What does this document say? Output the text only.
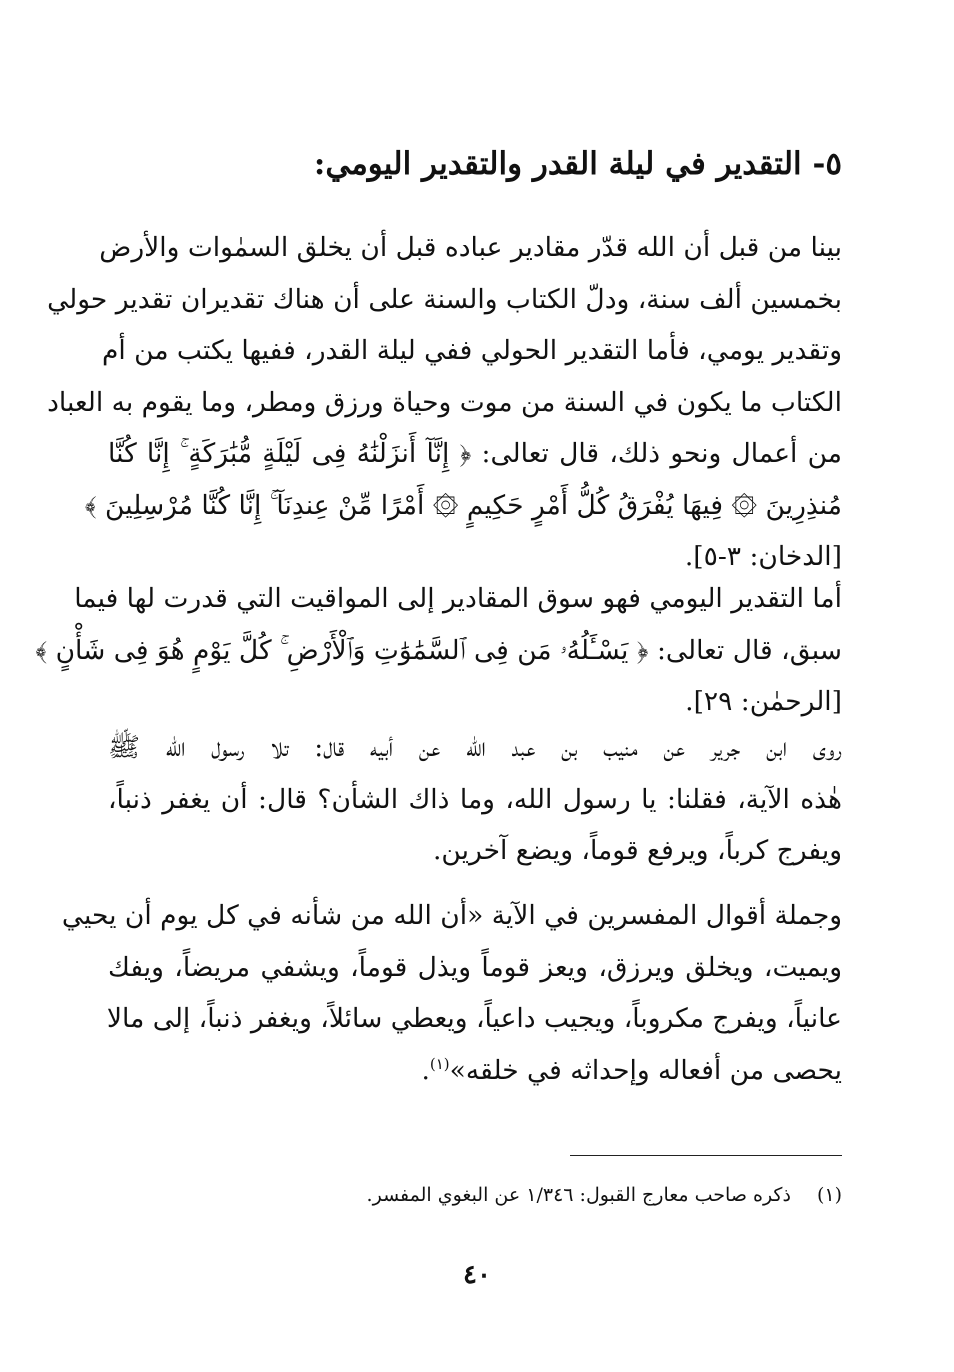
٥- التقدير في ليلة القدر والتقدير اليومي:
بينا من قبل أن الله قدّر مقادير عباده قبل أن يخلق السمٰوات والأرض
بخمسين ألف سنة، ودلّ الكتاب والسنة على أن هناك تقديران تقدير حولي
وتقدير يومي، فأما التقدير الحولي ففي ليلة القدر، ففيها يكتب من أم
الكتاب ما يكون في السنة من موت وحياة ورزق ومطر، وما يقوم به العباد
من أعمال ونحو ذلك، قال تعالى: ﴿ إِنَّآ أَنزَلْنَٰهُ فِى لَيْلَةٍ مُّبَٰرَكَةٍ ۚ إِنَّا كُنَّا
مُنذِرِينَ ۞ فِيهَا يُفْرَقُ كُلُّ أَمْرٍ حَكِيمٍ ۞ أَمْرًا مِّنْ عِندِنَآ ۚ إِنَّا كُنَّا مُرْسِلِينَ ﴾
[الدخان: ٣-٥].
أما التقدير اليومي فهو سوق المقادير إلى المواقيت التي قدرت لها فيما
سبق، قال تعالى: ﴿ يَسْـَٔلُهُۥ مَن فِى ٱلسَّمَٰوَٰتِ وَٱلْأَرْضِ ۚ كُلَّ يَوْمٍ هُوَ فِى شَأْنٍ ﴾
[الرحمٰن: ٢٩].
روى ابن جرير عن منيب بن عبد الله عن أبيه قال: تلا رسول الله ﷺ
هٰذه الآية، فقلنا: يا رسول الله، وما ذاك الشأن؟ قال: أن يغفر ذنباً،
ويفرج كرباً، ويرفع قوماً، ويضع آخرين.
وجملة أقوال المفسرين في الآية «أن الله من شأنه في كل يوم أن يحيي
ويميت، ويخلق ويرزق، ويعز قوماً ويذل قوماً، ويشفي مريضاً، ويفك
عانياً، ويفرج مكروباً، ويجيب داعياً، ويعطي سائلاً، ويغفر ذنباً، إلى مالا
يحصى من أفعاله وإحداثه في خلقه»$^{(١)}$.
(١)ذكره صاحب معارج القبول: ١/٣٤٦ عن البغوي المفسر.
٤٠
